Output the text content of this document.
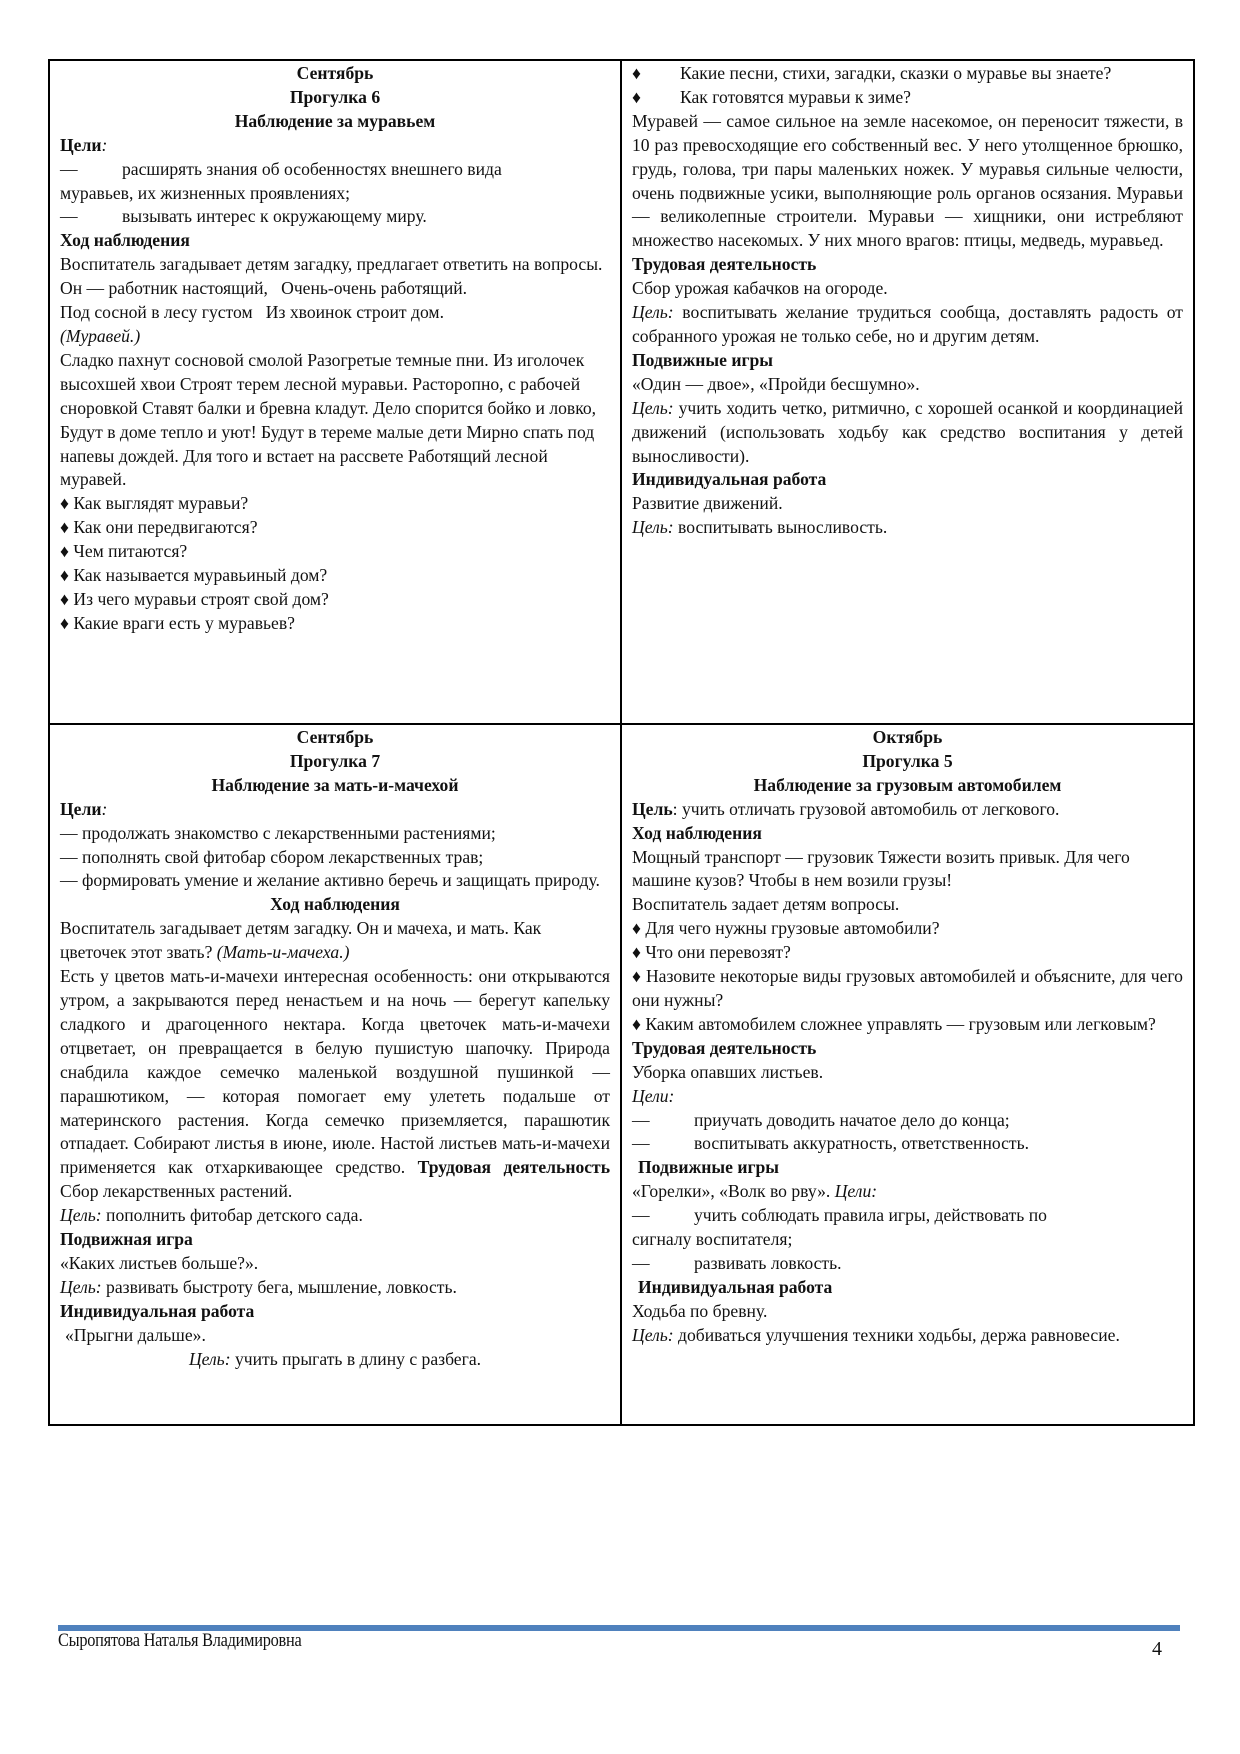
Сентябрь

Прогулка 6

Наблюдение за муравьем

Цели:

—	расширять знания об особенностях внешнего вида

муравьев, их жизненных проявлениях;

—	вызывать интерес к окружающему миру.

Ход наблюдения

Воспитатель загадывает детям загадку, предлагает ответить на вопросы.

Он — работник настоящий,   Очень-очень работящий.

Под сосной в лесу густом   Из хвоинок строит дом.

(Муравей.)

Сладко пахнут сосновой смолой Разогретые темные пни. Из иголочек высохшей хвои Строят терем лесной муравьи. Расторопно, с рабочей сноровкой Ставят балки и бревна кладут. Дело спорится бойко и ловко, Будут в доме тепло и уют! Будут в тереме малые дети Мирно спать под напевы дождей. Для того и встает на рассвете Работящий лесной муравей.

♦ Как выглядят муравьи?

♦ Как они передвигаются?

♦ Чем питаются?

♦ Как называется муравьиный дом?

♦ Из чего муравьи строят свой дом?

♦ Какие враги есть у муравьев?

♦ Какие песни, стихи, загадки, сказки о муравье вы знаете?

♦ Как готовятся муравьи к зиме?

Муравей — самое сильное на земле насекомое, он переносит тяжести, в 10 раз превосходящие его собственный вес. У него утолщенное брюшко, грудь, голова, три пары маленьких ножек. У муравья сильные челюсти, очень подвижные усики, выполняющие роль органов осязания. Муравьи — великолепные строители. Муравьи — хищники, они истребляют множество насекомых. У них много врагов: птицы, медведь, муравьед.

Трудовая деятельность

Сбор урожая кабачков на огороде.

Цель: воспитывать желание трудиться сообща, доставлять радость от собранного урожая не только себе, но и другим детям.

Подвижные игры

«Один — двое», «Пройди бесшумно».

Цель: учить ходить четко, ритмично, с хорошей осанкой и координацией движений (использовать ходьбу как средство воспитания у детей выносливости).

Индивидуальная работа

Развитие движений.

Цель: воспитывать выносливость.

Сентябрь

Прогулка 7

Наблюдение за мать-и-мачехой

Цели:

— продолжать знакомство с лекарственными растениями;

— пополнять свой фитобар сбором лекарственных трав;

— формировать умение и желание активно беречь и защищать природу.

Ход наблюдения

Воспитатель загадывает детям загадку. Он и мачеха, и мать. Как цветочек этот звать? (Мать-и-мачеха.)

Есть у цветов мать-и-мачехи интересная особенность: они открываются утром, а закрываются перед ненастьем и на ночь — берегут капельку сладкого и драгоценного нектара. Когда цветочек мать-и-мачехи отцветает, он превращается в белую пушистую шапочку. Природа снабдила каждое семечко маленькой воздушной пушинкой — парашютиком, — которая помогает ему улететь подальше от материнского растения. Когда семечко приземляется, парашютик отпадает. Собирают листья в июне, июле. Настой листьев мать-и-мачехи применяется как отхаркивающее средство. Трудовая деятельность Сбор лекарственных растений.

Цель: пополнить фитобар детского сада.

Подвижная игра

«Каких листьев больше?».

Цель: развивать быстроту бега, мышление, ловкость.

Индивидуальная работа

«Прыгни дальше».

Цель: учить прыгать в длину с разбега.

Октябрь

Прогулка 5

Наблюдение за грузовым автомобилем

Цель: учить отличать грузовой автомобиль от легкового.

Ход наблюдения

Мощный транспорт — грузовик Тяжести возить привык. Для чего машине кузов? Чтобы в нем возили грузы!

Воспитатель задает детям вопросы.

♦ Для чего нужны грузовые автомобили?

♦ Что они перевозят?

♦ Назовите некоторые виды грузовых автомобилей и объясните, для чего они нужны?

♦ Каким автомобилем сложнее управлять — грузовым или легковым?

Трудовая деятельность

Уборка опавших листьев.

Цели:

—	приучать доводить начатое дело до конца;

—	воспитывать аккуратность, ответственность.

Подвижные игры

«Горелки», «Волк во рву». Цели:

—	учить соблюдать правила игры, действовать по

сигналу воспитателя;

—	развивать ловкость.

Индивидуальная работа

Ходьба по бревну.

Цель: добиваться улучшения техники ходьбы, держа равновесие.

Сыропятова Наталья Владимировна	4
